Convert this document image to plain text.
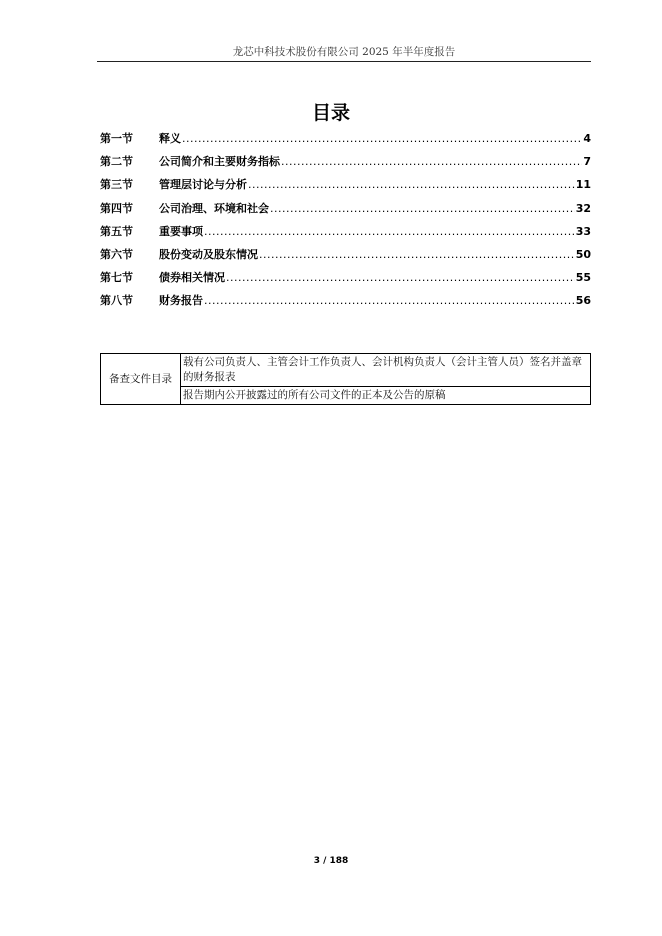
龙芯中科技术股份有限公司 2025 年半年度报告
目录
第一节	释义 .....	4
第二节	公司简介和主要财务指标 .....	7
第三节	管理层讨论与分析 .....	11
第四节	公司治理、环境和社会 .....	32
第五节	重要事项 .....	33
第六节	股份变动及股东情况 .....	50
第七节	债券相关情况 .....	55
第八节	财务报告 .....	56
备查文件目录	载有公司负责人、主管会计工作负责人、会计机构负责人（会计主管人员）签名并盖章的财务报表
报告期内公开披露过的所有公司文件的正本及公告的原稿
3 / 188
